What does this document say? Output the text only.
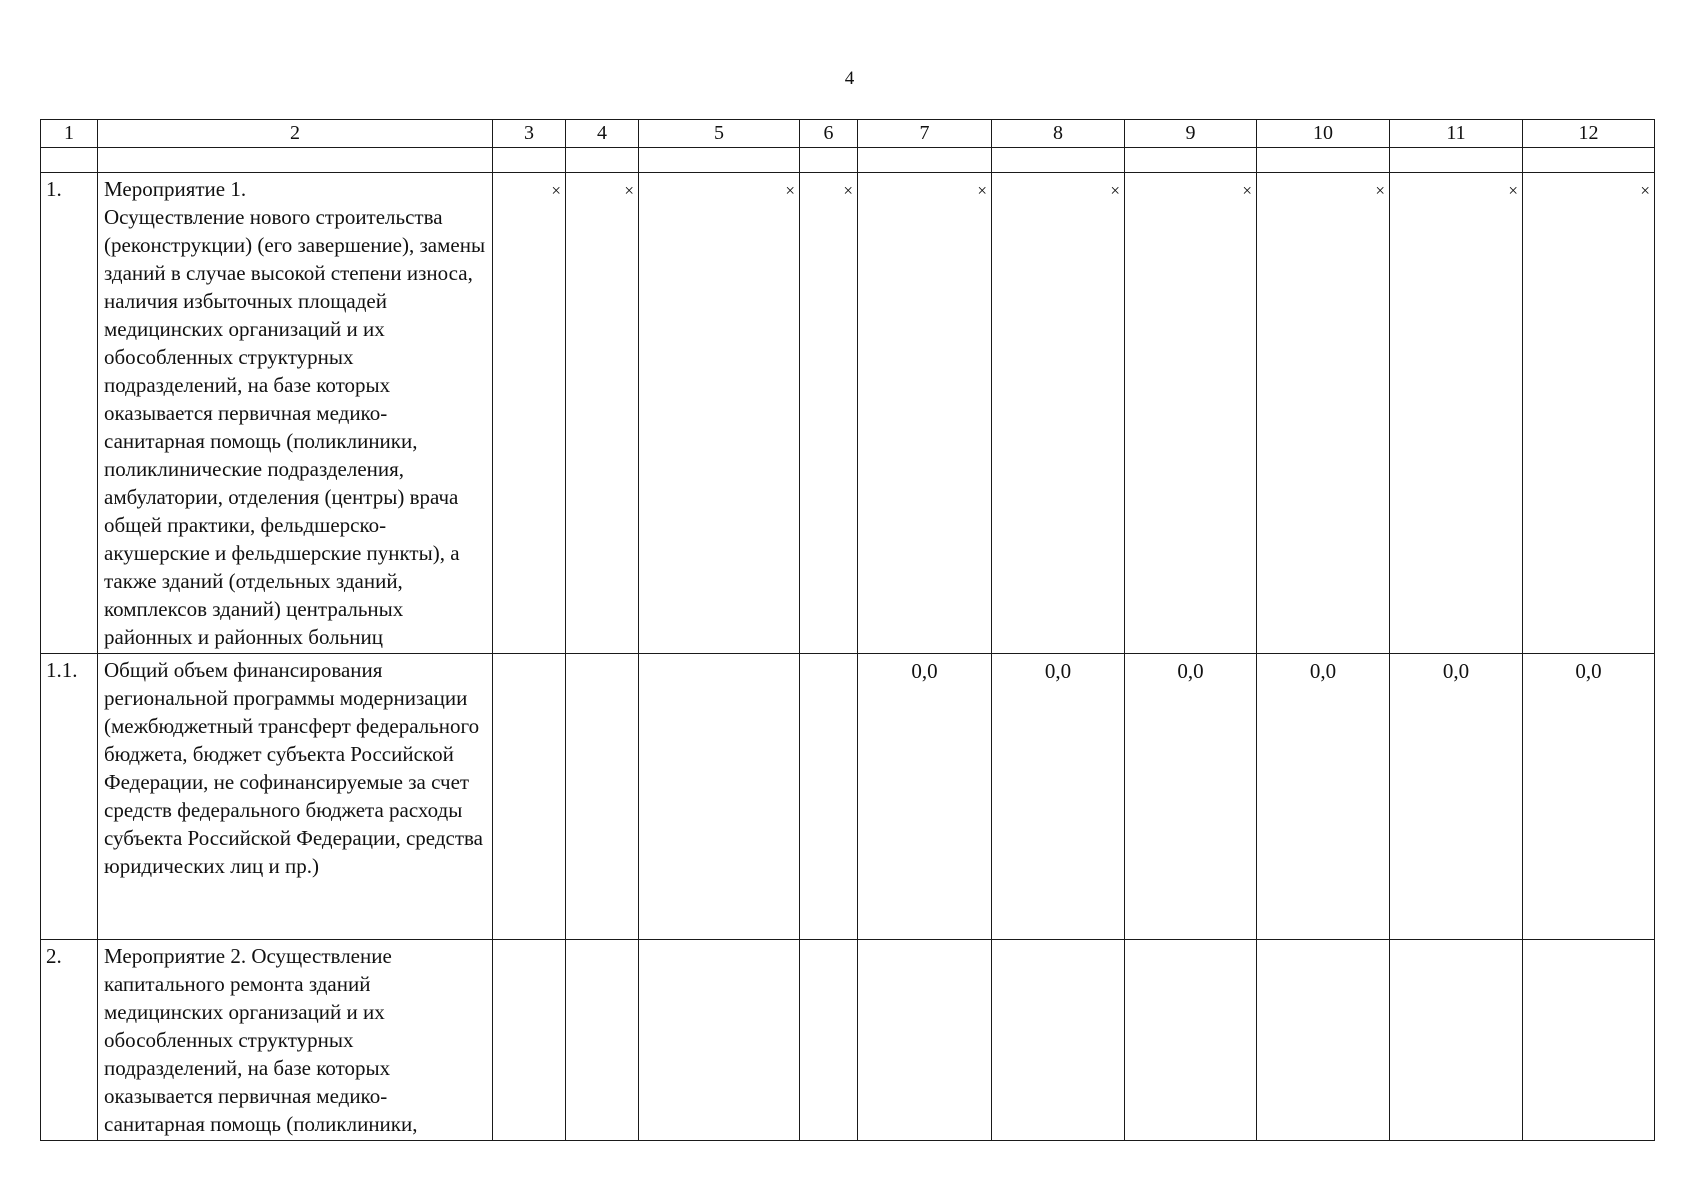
4
1	2	3	4	5	6	7	8	9	10	11	12

1.	Мероприятие 1.
Осуществление нового строительства (реконструкции) (его завершение), замены зданий в случае высокой степени износа, наличия избыточных площадей медицинских организаций и их обособленных структурных подразделений, на базе которых оказывается первичная медико-санитарная помощь (поликлиники, поликлинические подразделения, амбулатории, отделения (центры) врача общей практики, фельдшерско-акушерские и фельдшерские пункты), а также зданий (отдельных зданий, комплексов зданий) центральных районных и районных больниц	×	×	×	×	×	×	×	×	×	×
1.1.	Общий объем финансирования региональной программы модернизации (межбюджетный трансферт федерального бюджета, бюджет субъекта Российской Федерации, не софинансируемые за счет средств федерального бюджета расходы субъекта Российской Федерации, средства юридических лиц и пр.)					0,0	0,0	0,0	0,0	0,0	0,0
2.	Мероприятие 2. Осуществление капитального ремонта зданий медицинских организаций и их обособленных структурных подразделений, на базе которых оказывается первичная медико-санитарная помощь (поликлиники,										
